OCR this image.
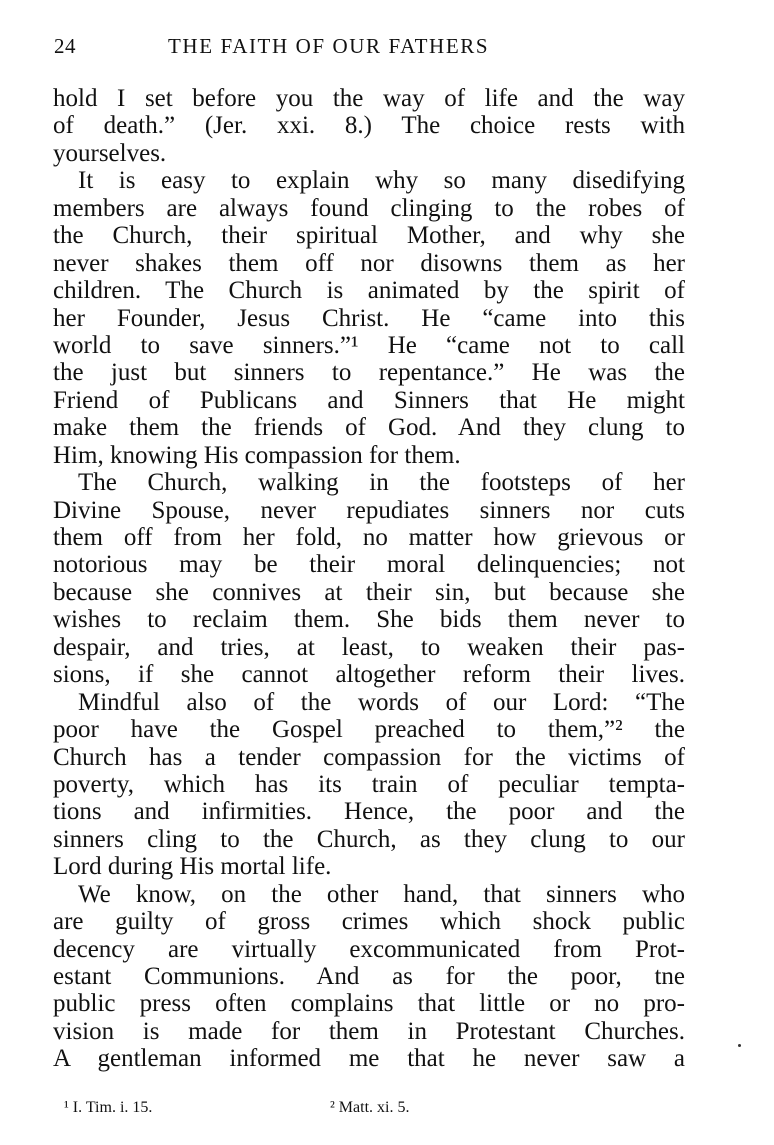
24	THE FAITH OF OUR FATHERS
hold I set before you the way of life and the way
of death.” (Jer. xxi. 8.) The choice rests with
yourselves.
It is easy to explain why so many disedifying
members are always found clinging to the robes of
the Church, their spiritual Mother, and why she
never shakes them off nor disowns them as her
children. The Church is animated by the spirit of
her Founder, Jesus Christ. He “came into this
world to save sinners.”¹ He “came not to call
the just but sinners to repentance.” He was the
Friend of Publicans and Sinners that He might
make them the friends of God. And they clung to
Him, knowing His compassion for them.
The Church, walking in the footsteps of her
Divine Spouse, never repudiates sinners nor cuts
them off from her fold, no matter how grievous or
notorious may be their moral delinquencies; not
because she connives at their sin, but because she
wishes to reclaim them. She bids them never to
despair, and tries, at least, to weaken their pas-
sions, if she cannot altogether reform their lives.
Mindful also of the words of our Lord: “The
poor have the Gospel preached to them,”² the
Church has a tender compassion for the victims of
poverty, which has its train of peculiar tempta-
tions and infirmities. Hence, the poor and the
sinners cling to the Church, as they clung to our
Lord during His mortal life.
We know, on the other hand, that sinners who
are guilty of gross crimes which shock public
decency are virtually excommunicated from Prot-
estant Communions. And as for the poor, tne
public press often complains that little or no pro-
vision is made for them in Protestant Churches.
A gentleman informed me that he never saw a
¹ I. Tim. i. 15.	² Matt. xi. 5.
